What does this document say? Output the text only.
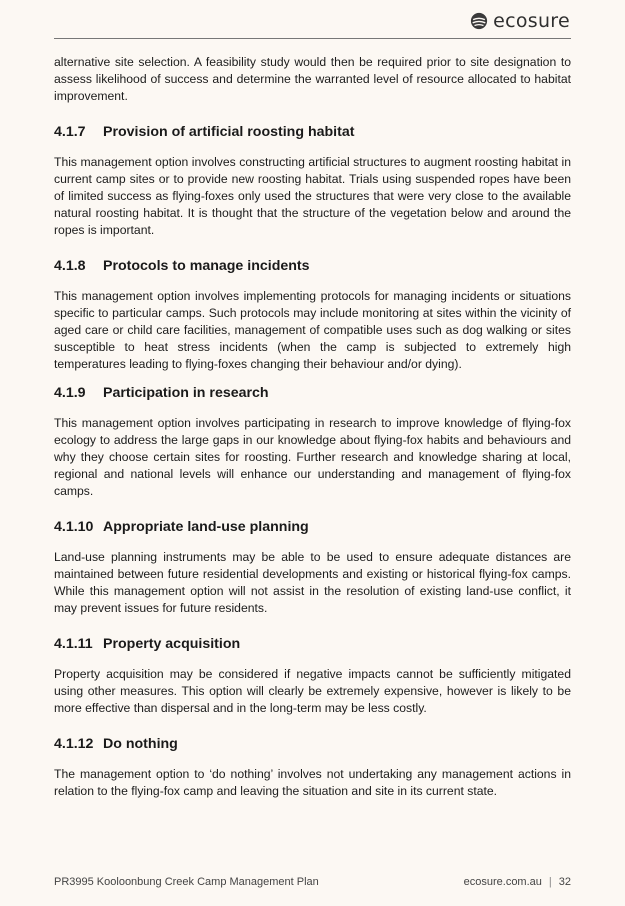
ecosure

alternative site selection. A feasibility study would then be required prior to site designation to assess likelihood of success and determine the warranted level of resource allocated to habitat improvement.

4.1.7	Provision of artificial roosting habitat

This management option involves constructing artificial structures to augment roosting habitat in current camp sites or to provide new roosting habitat. Trials using suspended ropes have been of limited success as flying-foxes only used the structures that were very close to the available natural roosting habitat. It is thought that the structure of the vegetation below and around the ropes is important.

4.1.8	Protocols to manage incidents

This management option involves implementing protocols for managing incidents or situations specific to particular camps. Such protocols may include monitoring at sites within the vicinity of aged care or child care facilities, management of compatible uses such as dog walking or sites susceptible to heat stress incidents (when the camp is subjected to extremely high temperatures leading to flying-foxes changing their behaviour and/or dying).

4.1.9	Participation in research

This management option involves participating in research to improve knowledge of flying-fox ecology to address the large gaps in our knowledge about flying-fox habits and behaviours and why they choose certain sites for roosting. Further research and knowledge sharing at local, regional and national levels will enhance our understanding and management of flying-fox camps.

4.1.10 Appropriate land-use planning

Land-use planning instruments may be able to be used to ensure adequate distances are maintained between future residential developments and existing or historical flying-fox camps. While this management option will not assist in the resolution of existing land-use conflict, it may prevent issues for future residents.

4.1.11 Property acquisition

Property acquisition may be considered if negative impacts cannot be sufficiently mitigated using other measures. This option will clearly be extremely expensive, however is likely to be more effective than dispersal and in the long-term may be less costly.

4.1.12 Do nothing

The management option to ‘do nothing’ involves not undertaking any management actions in relation to the flying-fox camp and leaving the situation and site in its current state.

PR3995 Kooloonbung Creek Camp Management Plan	ecosure.com.au | 32
